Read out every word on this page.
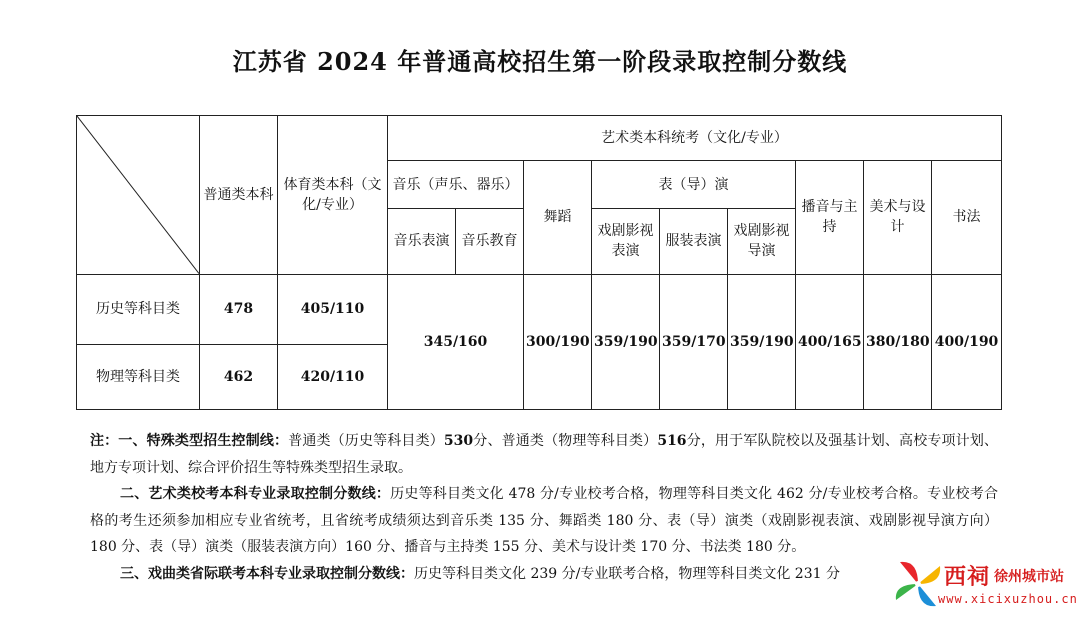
江苏省 2024 年普通高校招生第一阶段录取控制分数线
	普通类本科	体育类本科（文化/专业）	艺术类本科统考（文化/专业）								
			音乐（声乐、器乐）		舞蹈	表（导）演			播音与主持	美术与设计	书法
			音乐表演	音乐教育		戏剧影视表演	服装表演	戏剧影视导演			
历史等科目类	478	405/110	345/160		300/190	359/190	359/170	359/190	400/165	380/180	400/190
物理等科目类	462	420/110									

注：一、特殊类型招生控制线：普通类（历史等科目类）530分、普通类（物理等科目类）516分，用于军队院校以及强基计划、高校专项计划、地方专项计划、综合评价招生等特殊类型招生录取。

二、艺术类校考本科专业录取控制分数线：历史等科目类文化 478 分/专业校考合格，物理等科目类文化 462 分/专业校考合格。专业校考合格的考生还须参加相应专业省统考，且省统考成绩须达到音乐类 135 分、舞蹈类 180 分、表（导）演类（戏剧影视表演、戏剧影视导演方向）180 分、表（导）演类（服装表演方向）160 分、播音与主持类 155 分、美术与设计类 170 分、书法类 180 分。

三、戏曲类省际联考本科专业录取控制分数线：历史等科目类文化 239 分/专业联考合格，物理等科目类文化 231 分	西祠 徐州城市站
www.xicixuzhou.cn
